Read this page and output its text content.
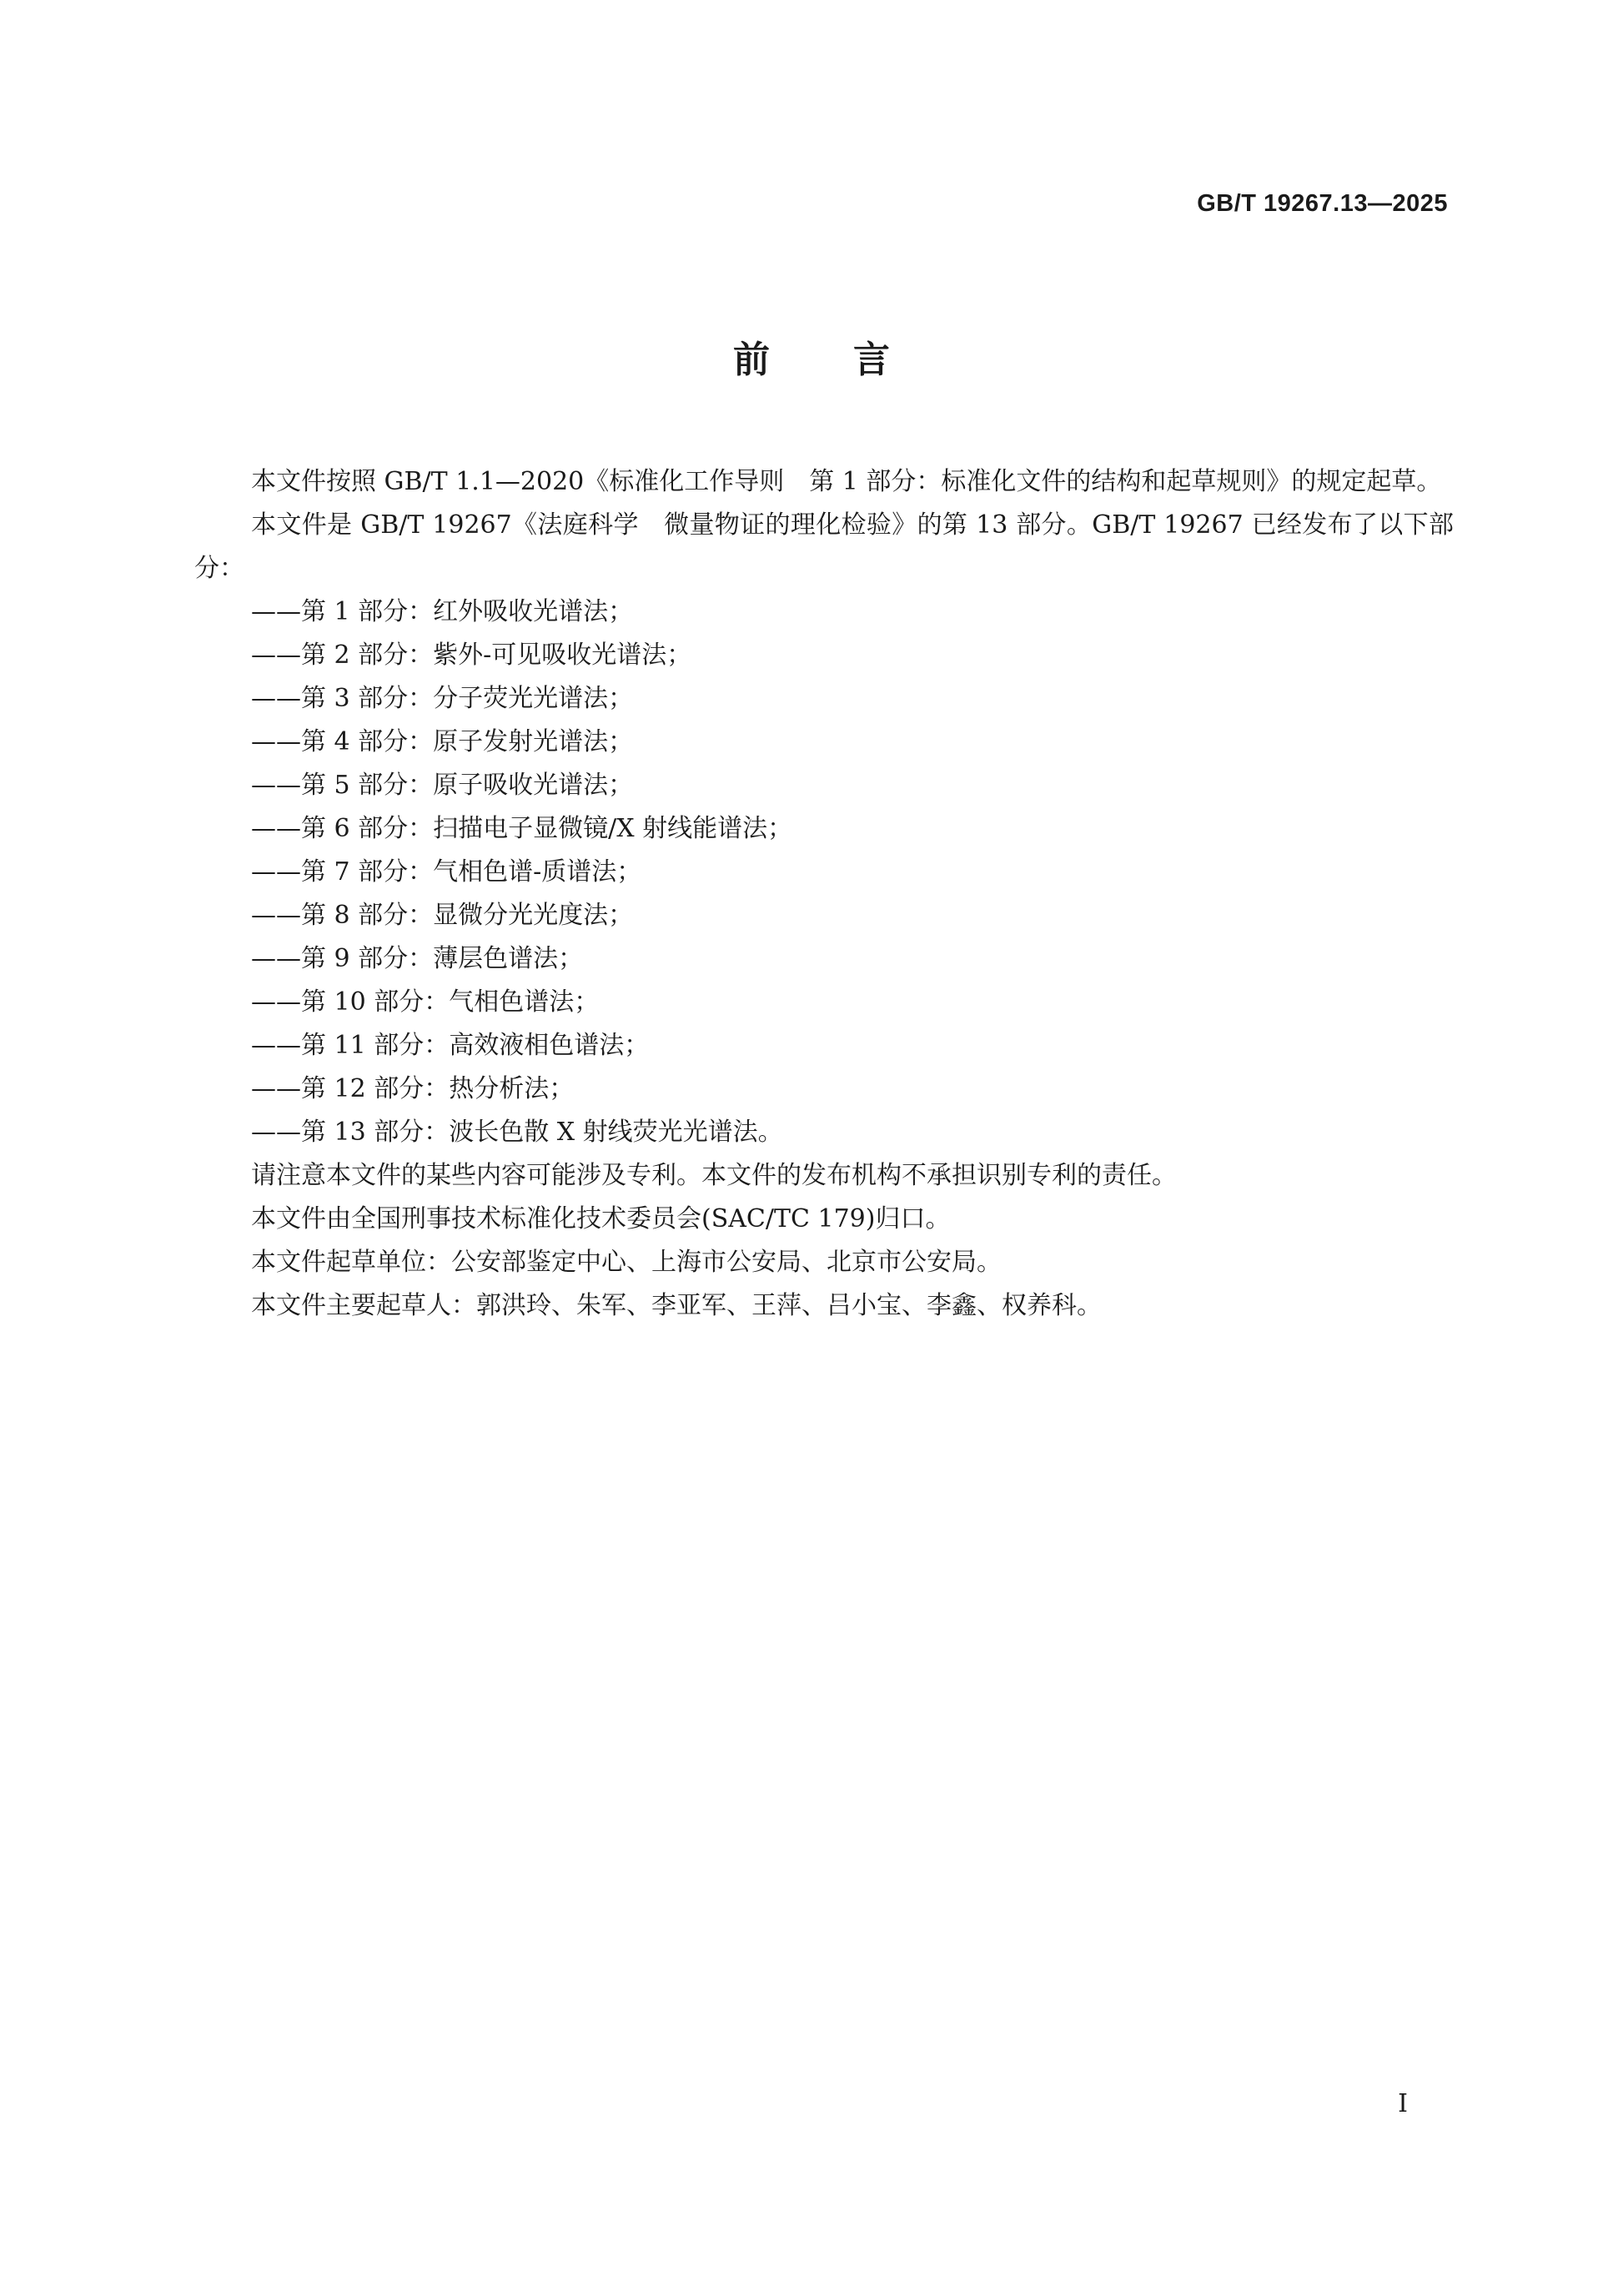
GB/T 19267.13—2025
前言

本文件按照 GB/T 1.1—2020《标准化工作导则　第 1 部分：标准化文件的结构和起草规则》的规定起草。

本文件是 GB/T 19267《法庭科学　微量物证的理化检验》的第 13 部分。GB/T 19267 已经发布了以下部分：

——第 1 部分：红外吸收光谱法；
——第 2 部分：紫外-可见吸收光谱法；
——第 3 部分：分子荧光光谱法；
——第 4 部分：原子发射光谱法；
——第 5 部分：原子吸收光谱法；
——第 6 部分：扫描电子显微镜/X 射线能谱法；
——第 7 部分：气相色谱-质谱法；
——第 8 部分：显微分光光度法；
——第 9 部分：薄层色谱法；
——第 10 部分：气相色谱法；
——第 11 部分：高效液相色谱法；
——第 12 部分：热分析法；
——第 13 部分：波长色散 X 射线荧光光谱法。

请注意本文件的某些内容可能涉及专利。本文件的发布机构不承担识别专利的责任。

本文件由全国刑事技术标准化技术委员会(SAC/TC 179)归口。

本文件起草单位：公安部鉴定中心、上海市公安局、北京市公安局。

本文件主要起草人：郭洪玲、朱军、李亚军、王萍、吕小宝、李鑫、权养科。

I
